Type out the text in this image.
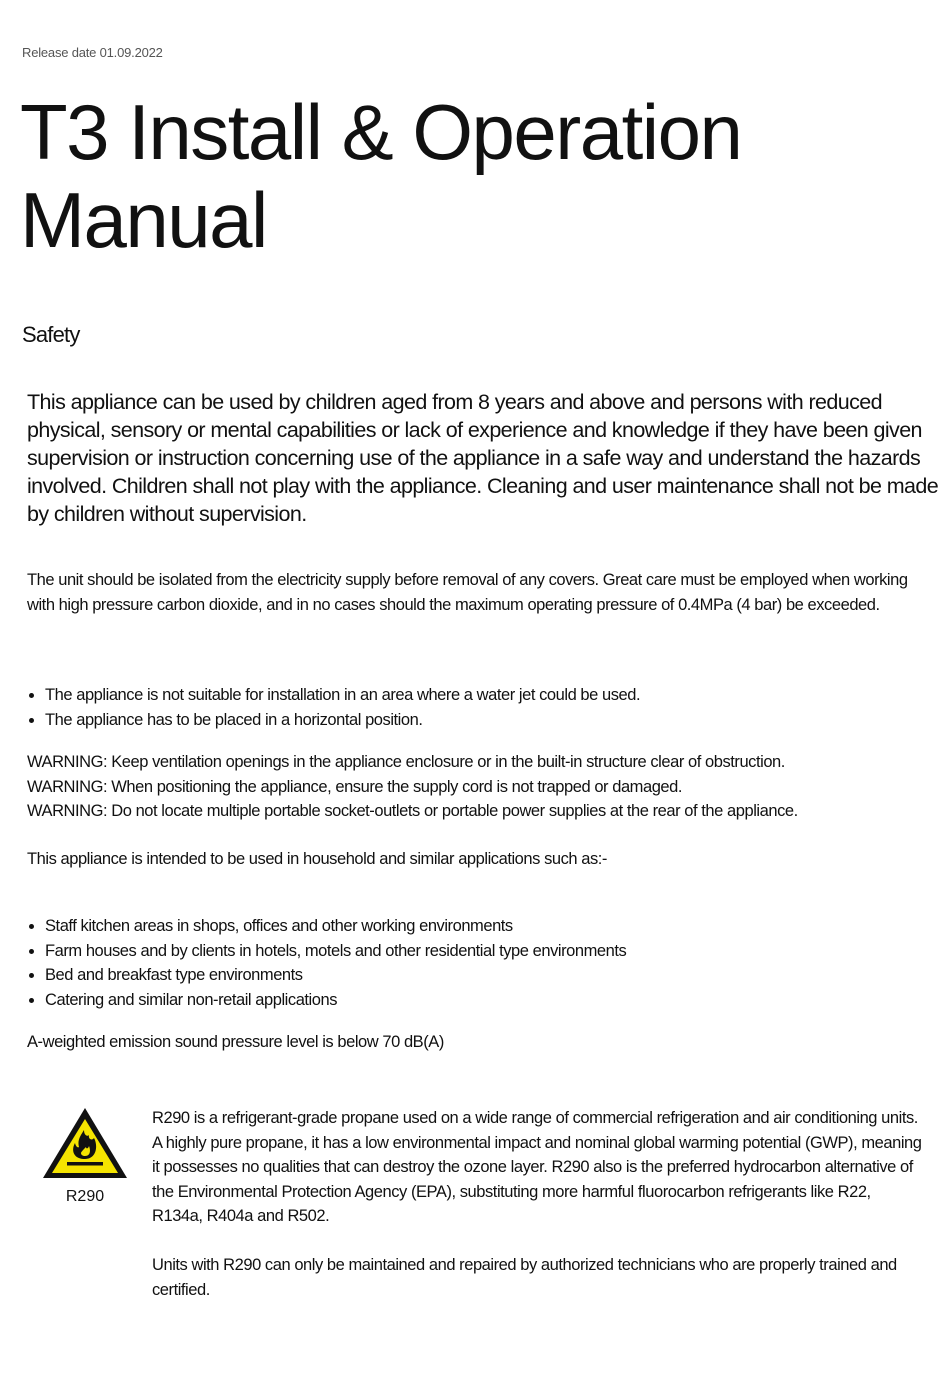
Release date 01.09.2022
T3 Install & Operation
Manual
Safety

This appliance can be used by children aged from 8 years and above and persons with reduced physical, sensory or mental capabilities or lack of experience and knowledge if they have been given supervision or instruction concerning use of the appliance in a safe way and understand the hazards involved. Children shall not play with the appliance. Cleaning and user maintenance shall not be made by children without supervision.

The unit should be isolated from the electricity supply before removal of any covers. Great care must be employed when working with high pressure carbon dioxide, and in no cases should the maximum operating pressure of 0.4MPa (4 bar) be exceeded.

• The appliance is not suitable for installation in an area where a water jet could be used.
• The appliance has to be placed in a horizontal position.
WARNING: Keep ventilation openings in the appliance enclosure or in the built-in structure clear of obstruction.
WARNING: When positioning the appliance, ensure the supply cord is not trapped or damaged.
WARNING: Do not locate multiple portable socket-outlets or portable power supplies at the rear of the appliance.

This appliance is intended to be used in household and similar applications such as:-

• Staff kitchen areas in shops, offices and other working environments
• Farm houses and by clients in hotels, motels and other residential type environments
• Bed and breakfast type environments
• Catering and similar non-retail applications

A-weighted emission sound pressure level is below 70 dB(A)

R290

R290 is a refrigerant-grade propane used on a wide range of commercial refrigeration and air conditioning units. A highly pure propane, it has a low environmental impact and nominal global warming potential (GWP), meaning it possesses no qualities that can destroy the ozone layer. R290 also is the preferred hydrocarbon alternative of the Environmental Protection Agency (EPA), substituting more harmful fluorocarbon refrigerants like R22, R134a, R404a and R502.

Units with R290 can only be maintained and repaired by authorized technicians who are properly trained and certified.
